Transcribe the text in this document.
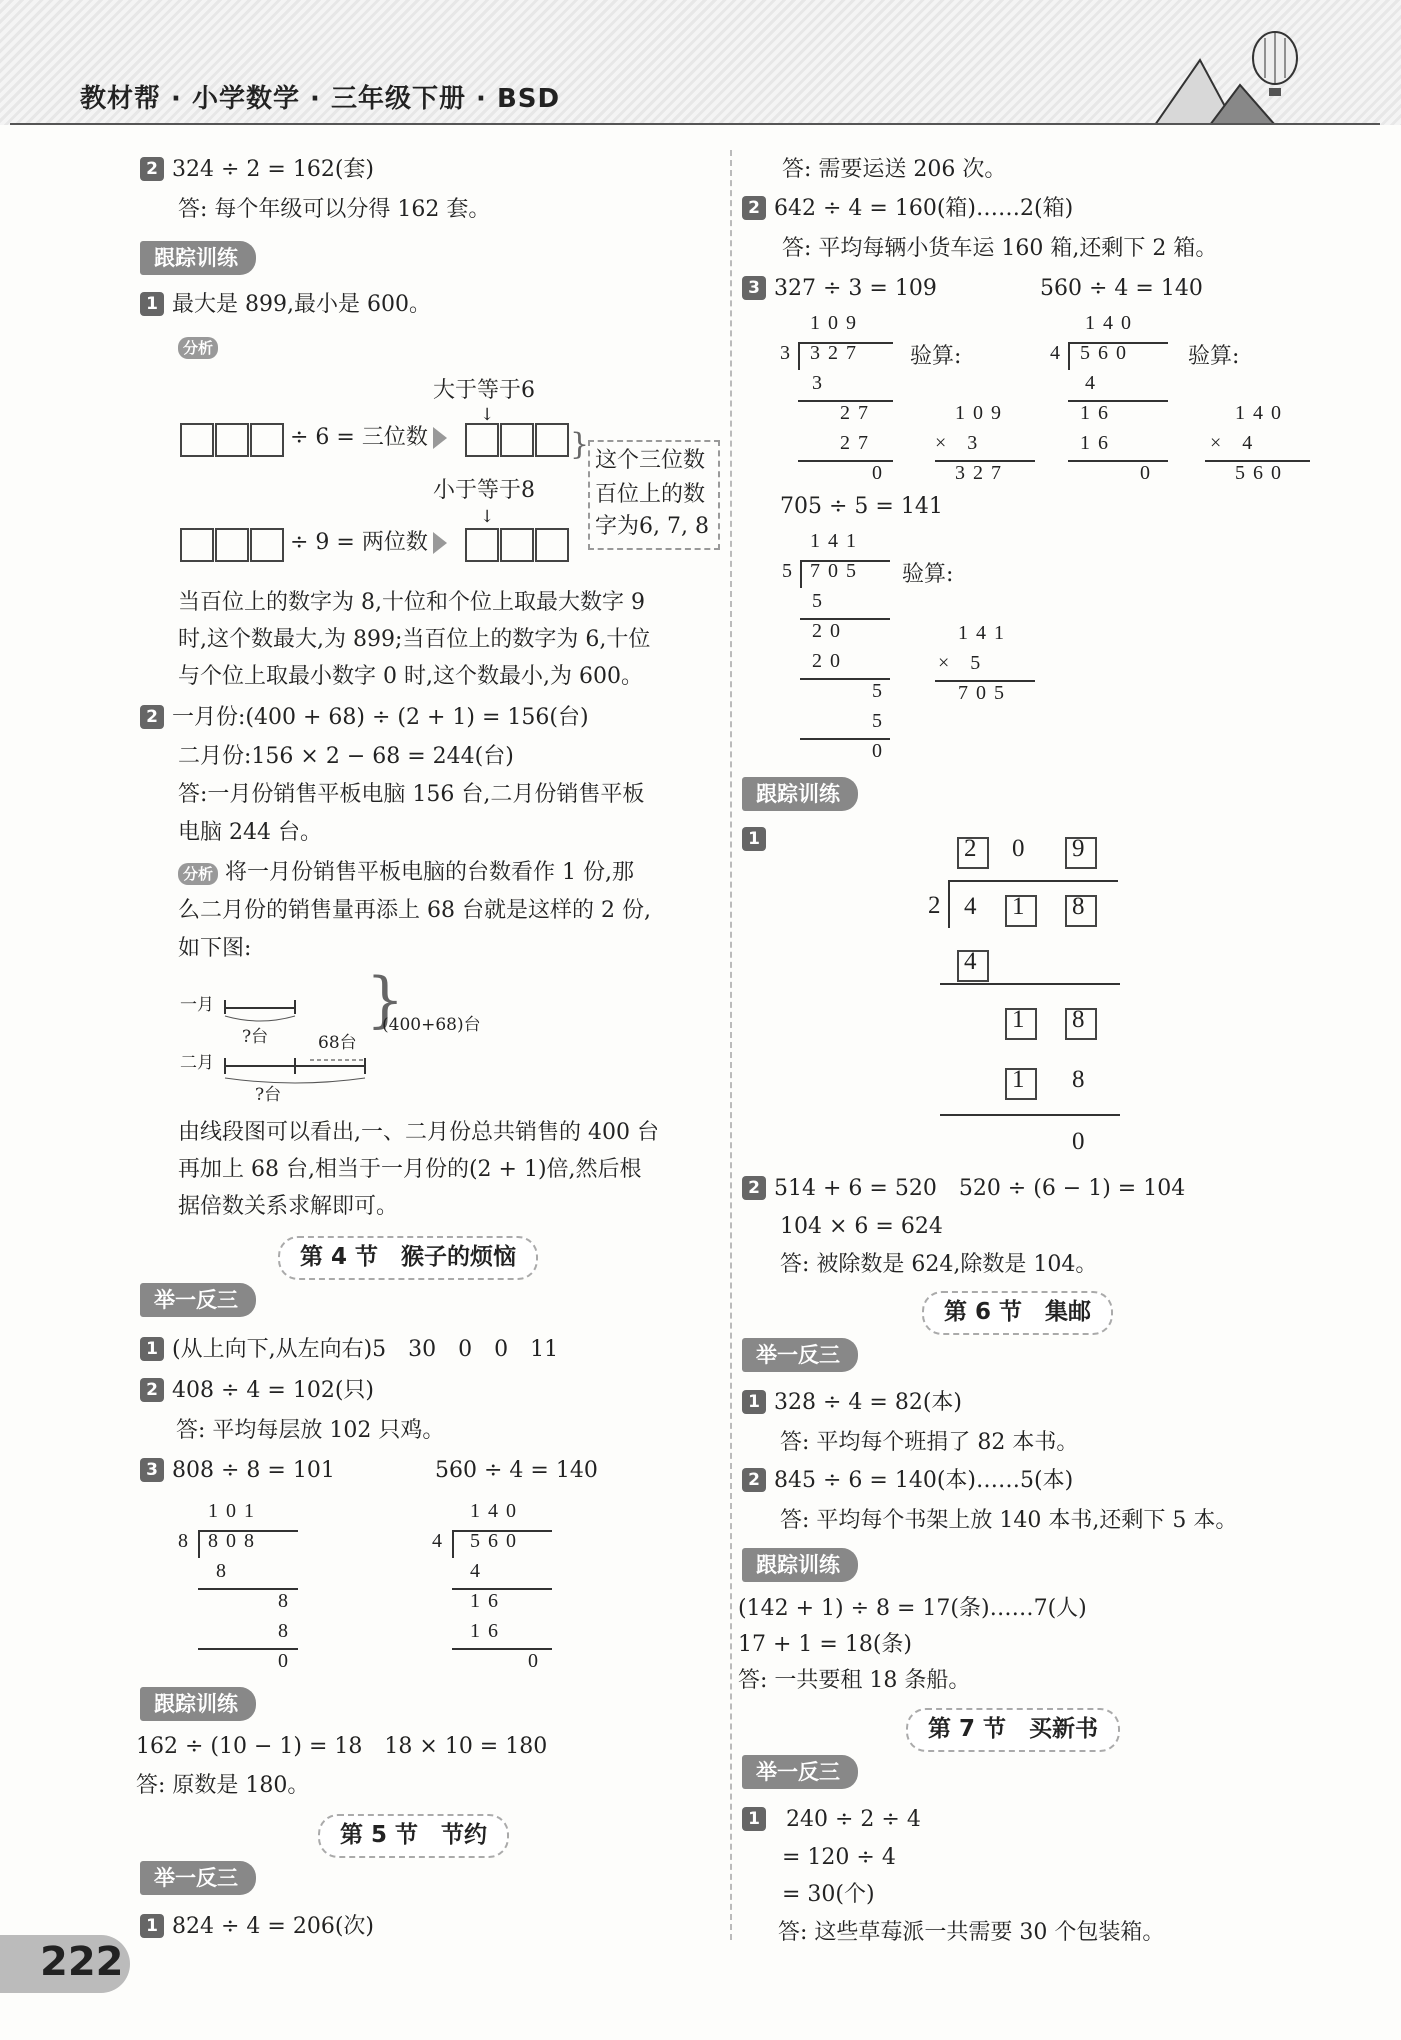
教材帮 · 小学数学 · 三年级下册 · BSD
2 324 ÷ 2 = 162(套)
答: 每个年级可以分得 162 套。
跟踪训练
1 最大是 899,最小是 600。
分析
大于等于6
↓
÷ 6 = 三位数
小于等于8
↓
÷ 9 = 两位数
} 这个三位数
百位上的数
字为6, 7, 8
当百位上的数字为 8,十位和个位上取最大数字 9
时,这个数最大,为 899;当百位上的数字为 6,十位
与个位上取最小数字 0 时,这个数最小,为 600。
2 一月份:(400 + 68) ÷ (2 + 1) = 156(台)
二月份:156 × 2 − 68 = 244(台)
答:一月份销售平板电脑 156 台,二月份销售平板
电脑 244 台。
分析 将一月份销售平板电脑的台数看作 1 份,那
么二月份的销售量再添上 68 台就是这样的 2 份,
如下图:
一月
二月
?台	68台
?台
}
(400+68)台
由线段图可以看出,一、二月份总共销售的 400 台
再加上 68 台,相当于一月份的(2 + 1)倍,然后根
据倍数关系求解即可。
第 4 节　猴子的烦恼
举一反三
1 (从上向下,从左向右)5　30　0　0　11
2 408 ÷ 4 = 102(只)
答: 平均每层放 102 只鸡。
3 808 ÷ 8 = 101	560 ÷ 4 = 140
101
8 808
8
8
8
0
140
4 560
4
16
16
0
跟踪训练
162 ÷ (10 − 1) = 18　18 × 10 = 180
答: 原数是 180。
第 5 节　节约
举一反三
1 824 ÷ 4 = 206(次)
222
答: 需要运送 206 次。
2 642 ÷ 4 = 160(箱)……2(箱)
答: 平均每辆小货车运 160 箱,还剩下 2 箱。
3 327 ÷ 3 = 109	560 ÷ 4 = 140
109
3 327 验算:
3
27
27
0
109
× 3
327
140
4 560 验算:
4
16
16
0
140
× 4
560
705 ÷ 5 = 141
141
5 705 验算:
5
20
20
5
5
0
141
× 5
705
跟踪训练
1	2 0 9
2 4 1 8
4
1 8
1 8
0
2 514 + 6 = 520　520 ÷ (6 − 1) = 104
104 × 6 = 624
答: 被除数是 624,除数是 104。
第 6 节　集邮
举一反三
1 328 ÷ 4 = 82(本)
答: 平均每个班捐了 82 本书。
2 845 ÷ 6 = 140(本)……5(本)
答: 平均每个书架上放 140 本书,还剩下 5 本。
跟踪训练
(142 + 1) ÷ 8 = 17(条)……7(人)
17 + 1 = 18(条)
答: 一共要租 18 条船。
第 7 节　买新书
举一反三
1 240 ÷ 2 ÷ 4
= 120 ÷ 4
= 30(个)
答: 这些草莓派一共需要 30 个包装箱。
